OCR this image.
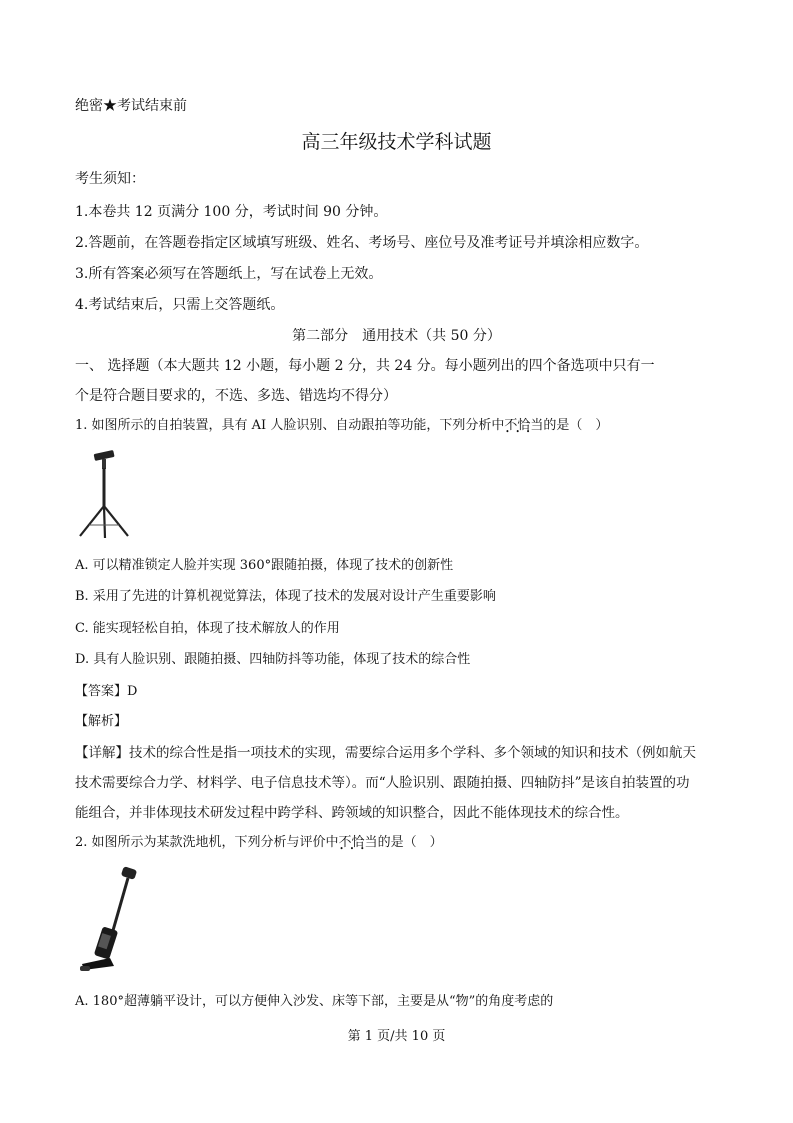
绝密★考试结束前
高三年级技术学科试题
考生须知：
1.本卷共 12 页满分 100 分，考试时间 90 分钟。
2.答题前，在答题卷指定区域填写班级、姓名、考场号、座位号及准考证号并填涂相应数字。
3.所有答案必须写在答题纸上，写在试卷上无效。
4.考试结束后，只需上交答题纸。
第二部分　通用技术（共 50 分）
一、 选择题（本大题共 12 小题，每小题 2 分，共 24 分。每小题列出的四个备选项中只有一
个是符合题目要求的，不选、多选、错选均不得分）
1. 如图所示的自拍装置，具有 AI 人脸识别、自动跟拍等功能，下列分析中不恰当 • • •的是（　）
A. 可以精准锁定人脸并实现 360°跟随拍摄，体现了技术的创新性
B. 采用了先进的计算机视觉算法，体现了技术的发展对设计产生重要影响
C. 能实现轻松自拍，体现了技术解放人的作用
D. 具有人脸识别、跟随拍摄、四轴防抖等功能，体现了技术的综合性
【答案】D
【解析】
【详解】技术的综合性是指一项技术的实现，需要综合运用多个学科、多个领域的知识和技术（例如航天
技术需要综合力学、材料学、电子信息技术等）。而“人脸识别、跟随拍摄、四轴防抖”是该自拍装置的功
能组合，并非体现技术研发过程中跨学科、跨领域的知识整合，因此不能体现技术的综合性。
2. 如图所示为某款洗地机，下列分析与评价中不恰当 • • •的是（　）
A. 180°超薄躺平设计，可以方便伸入沙发、床等下部，主要是从“物”的角度考虑的
第 1 页/共 10 页
